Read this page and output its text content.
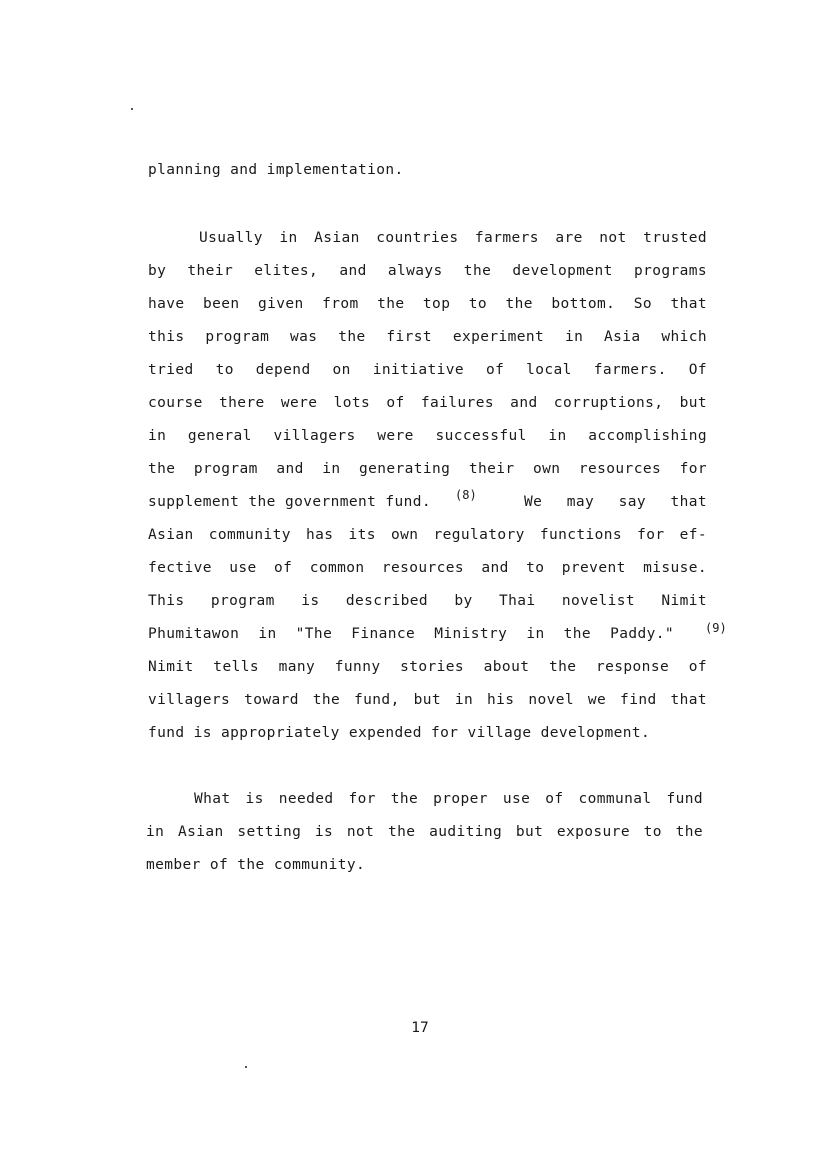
planning and implementation.
Usually in Asian countries farmers are not trusted
by their elites, and always the development programs
have been given from the top to the bottom. So that
this program was the first experiment in Asia which
tried to depend on initiative of local farmers. Of
course there were lots of failures and corruptions, but
in general villagers were successful in accomplishing
the program and in generating their own resources for
supplement the government fund. (8)	We may say that
Asian community has its own regulatory functions for ef-
fective use of common resources and to prevent misuse.
This program is described by Thai novelist Nimit
Phumitawon in "The Finance Ministry in the Paddy."	(9)
Nimit tells many funny stories about the response of
villagers toward the fund, but in his novel we find that
fund is appropriately expended for village development.
What is needed for the proper use of communal fund
in Asian setting is not the auditing but exposure to the
member of the community.
17
